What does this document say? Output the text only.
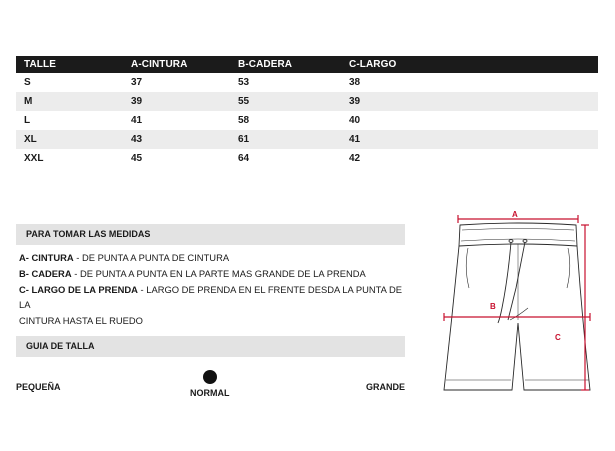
TALLE	A-CINTURA	B-CADERA	C-LARGO
S	37	53	38
M	39	55	39
L	41	58	40
XL	43	61	41
XXL	45	64	42
PARA TOMAR LAS MEDIDAS

A- CINTURA - DE PUNTA A PUNTA DE CINTURA

B- CADERA - DE PUNTA A PUNTA EN LA PARTE MAS GRANDE DE LA PRENDA

C- LARGO DE LA PRENDA - LARGO DE PRENDA EN EL FRENTE DESDA LA PUNTA DE LA

CINTURA HASTA EL RUEDO

GUIA DE TALLA
PEQUEÑA
NORMAL
GRANDE
A
B
C
